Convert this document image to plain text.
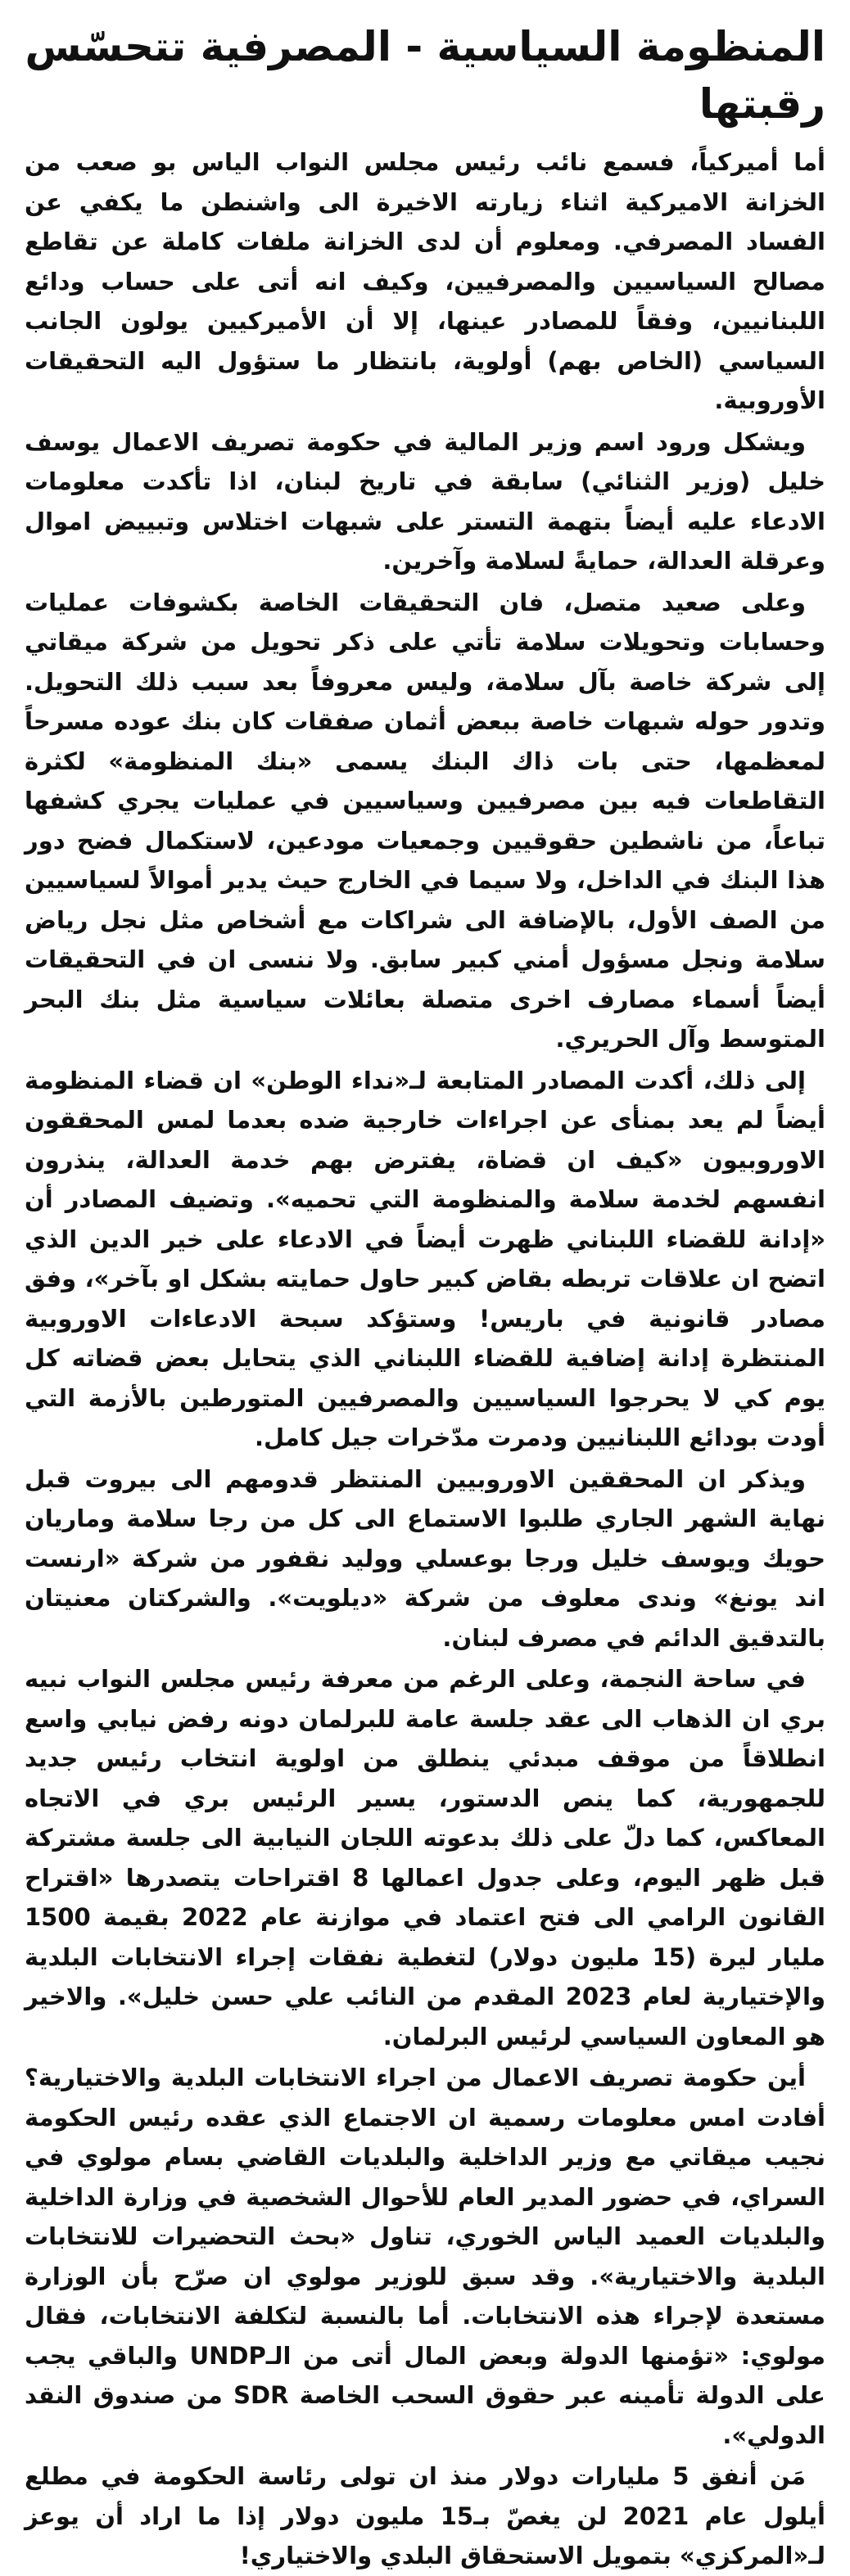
المنظومة السياسية - المصرفية تتحسّس رقبتها

أما أميركياً، فسمع نائب رئيس مجلس النواب الياس بو صعب من الخزانة الاميركية اثناء زيارته الاخيرة الى واشنطن ما يكفي عن الفساد المصرفي. ومعلوم أن لدى الخزانة ملفات كاملة عن تقاطع مصالح السياسيين والمصرفيين، وكيف انه أتى على حساب ودائع اللبنانيين، وفقاً للمصادر عينها، إلا أن الأميركيين يولون الجانب السياسي (الخاص بهم) أولوية، بانتظار ما ستؤول اليه التحقيقات الأوروبية.

ويشكل ورود اسم وزير المالية في حكومة تصريف الاعمال يوسف خليل (وزير الثنائي) سابقة في تاريخ لبنان، اذا تأكدت معلومات الادعاء عليه أيضاً بتهمة التستر على شبهات اختلاس وتبييض اموال وعرقلة العدالة، حمايةً لسلامة وآخرين.

وعلى صعيد متصل، فان التحقيقات الخاصة بكشوفات عمليات وحسابات وتحويلات سلامة تأتي على ذكر تحويل من شركة ميقاتي إلى شركة خاصة بآل سلامة، وليس معروفاً بعد سبب ذلك التحويل. وتدور حوله شبهات خاصة ببعض أثمان صفقات كان بنك عوده مسرحاً لمعظمها، حتى بات ذاك البنك يسمى «بنك المنظومة» لكثرة التقاطعات فيه بين مصرفيين وسياسيين في عمليات يجري كشفها تباعاً، من ناشطين حقوقيين وجمعيات مودعين، لاستكمال فضح دور هذا البنك في الداخل، ولا سيما في الخارج حيث يدير أموالاً لسياسيين من الصف الأول، بالإضافة الى شراكات مع أشخاص مثل نجل رياض سلامة ونجل مسؤول أمني كبير سابق. ولا ننسى ان في التحقيقات أيضاً أسماء مصارف اخرى متصلة بعائلات سياسية مثل بنك البحر المتوسط وآل الحريري.

إلى ذلك، أكدت المصادر المتابعة لـ«نداء الوطن» ان قضاء المنظومة أيضاً لم يعد بمنأى عن اجراءات خارجية ضده بعدما لمس المحققون الاوروبيون «كيف ان قضاة، يفترض بهم خدمة العدالة، ينذرون انفسهم لخدمة سلامة والمنظومة التي تحميه». وتضيف المصادر أن «إدانة للقضاء اللبناني ظهرت أيضاً في الادعاء على خير الدين الذي اتضح ان علاقات تربطه بقاض كبير حاول حمايته بشكل او بآخر»، وفق مصادر قانونية في باريس! وستؤكد سبحة الادعاءات الاوروبية المنتظرة إدانة إضافية للقضاء اللبناني الذي يتحايل بعض قضاته كل يوم كي لا يحرجوا السياسيين والمصرفيين المتورطين بالأزمة التي أودت بودائع اللبنانيين ودمرت مدّخرات جيل كامل.

ويذكر ان المحققين الاوروبيين المنتظر قدومهم الى بيروت قبل نهاية الشهر الجاري طلبوا الاستماع الى كل من رجا سلامة وماريان حويك ويوسف خليل ورجا بوعسلي ووليد نقفور من شركة «ارنست اند يونغ» وندى معلوف من شركة «ديلويت». والشركتان معنيتان بالتدقيق الدائم في مصرف لبنان.

في ساحة النجمة، وعلى الرغم من معرفة رئيس مجلس النواب نبيه بري ان الذهاب الى عقد جلسة عامة للبرلمان دونه رفض نيابي واسع انطلاقاً من موقف مبدئي ينطلق من اولوية انتخاب رئيس جديد للجمهورية، كما ينص الدستور، يسير الرئيس بري في الاتجاه المعاكس، كما دلّ على ذلك بدعوته اللجان النيابية الى جلسة مشتركة قبل ظهر اليوم، وعلى جدول اعمالها 8 اقتراحات يتصدرها «اقتراح القانون الرامي الى فتح اعتماد في موازنة عام 2022 بقيمة 1500 مليار ليرة (15 مليون دولار) لتغطية نفقات إجراء الانتخابات البلدية والإختيارية لعام 2023 المقدم من النائب علي حسن خليل». والاخير هو المعاون السياسي لرئيس البرلمان.

أين حكومة تصريف الاعمال من اجراء الانتخابات البلدية والاختيارية؟ أفادت امس معلومات رسمية ان الاجتماع الذي عقده رئيس الحكومة نجيب ميقاتي مع وزير الداخلية والبلديات القاضي بسام مولوي في السراي، في حضور المدير العام للأحوال الشخصية في وزارة الداخلية والبلديات العميد الياس الخوري، تناول «بحث التحضيرات للانتخابات البلدية والاختيارية». وقد سبق للوزير مولوي ان صرّح بأن الوزارة مستعدة لإجراء هذه الانتخابات. أما بالنسبة لتكلفة الانتخابات، فقال مولوي: «تؤمنها الدولة وبعض المال أتى من الـUNDP والباقي يجب على الدولة تأمينه عبر حقوق السحب الخاصة SDR من صندوق النقد الدولي».

مَن أنفق 5 مليارات دولار منذ ان تولى رئاسة الحكومة في مطلع أيلول عام 2021 لن يغصّ بـ15 مليون دولار إذا ما اراد أن يوعز لـ«المركزي» بتمويل الاستحقاق البلدي والاختياري!
